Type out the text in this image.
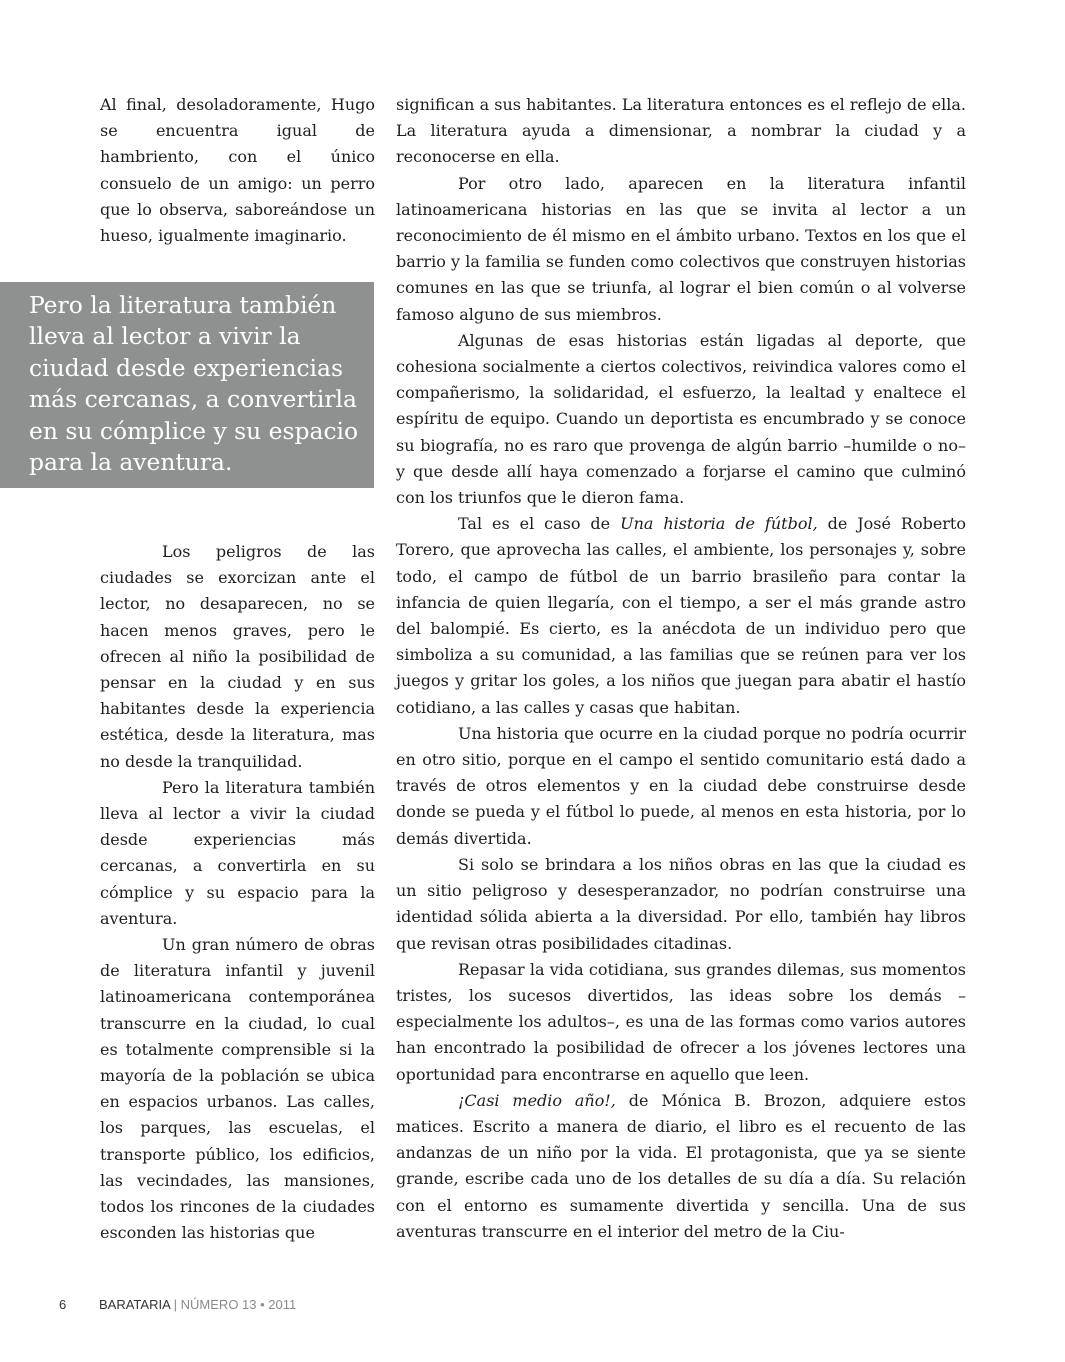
Al final, desoladoramente, Hugo se encuentra igual de hambriento, con el único consuelo de un amigo: un perro que lo observa, saboreándose un hueso, igualmente imaginario.

Pero la literatura también lleva al lector a vivir la ciudad desde experiencias más cercanas, a convertirla en su cómplice y su espacio para la aventura.

Los peligros de las ciudades se exorcizan ante el lector, no desaparecen, no se hacen menos graves, pero le ofrecen al niño la posibilidad de pensar en la ciudad y en sus habitantes desde la experiencia estética, desde la literatura, mas no desde la tranquilidad.

Pero la literatura también lleva al lector a vivir la ciudad desde experiencias más cercanas, a convertirla en su cómplice y su espacio para la aventura.

Un gran número de obras de literatura infantil y juvenil latinoamericana contemporánea transcurre en la ciudad, lo cual es totalmente comprensible si la mayoría de la población se ubica en espacios urbanos. Las calles, los parques, las escuelas, el transporte público, los edificios, las vecindades, las mansiones, todos los rincones de la ciudades esconden las historias que

significan a sus habitantes. La literatura entonces es el reflejo de ella. La literatura ayuda a dimensionar, a nombrar la ciudad y a reconocerse en ella.

Por otro lado, aparecen en la literatura infantil latinoamericana historias en las que se invita al lector a un reconocimiento de él mismo en el ámbito urbano. Textos en los que el barrio y la familia se funden como colectivos que construyen historias comunes en las que se triunfa, al lograr el bien común o al volverse famoso alguno de sus miembros.

Algunas de esas historias están ligadas al deporte, que cohesiona socialmente a ciertos colectivos, reivindica valores como el compañerismo, la solidaridad, el esfuerzo, la lealtad y enaltece el espíritu de equipo. Cuando un deportista es encumbrado y se conoce su biografía, no es raro que provenga de algún barrio –humilde o no– y que desde allí haya comenzado a forjarse el camino que culminó con los triunfos que le dieron fama.

Tal es el caso de Una historia de fútbol, de José Roberto Torero, que aprovecha las calles, el ambiente, los personajes y, sobre todo, el campo de fútbol de un barrio brasileño para contar la infancia de quien llegaría, con el tiempo, a ser el más grande astro del balompié. Es cierto, es la anécdota de un individuo pero que simboliza a su comunidad, a las familias que se reúnen para ver los juegos y gritar los goles, a los niños que juegan para abatir el hastío cotidiano, a las calles y casas que habitan.

Una historia que ocurre en la ciudad porque no podría ocurrir en otro sitio, porque en el campo el sentido comunitario está dado a través de otros elementos y en la ciudad debe construirse desde donde se pueda y el fútbol lo puede, al menos en esta historia, por lo demás divertida.

Si solo se brindara a los niños obras en las que la ciudad es un sitio peligroso y desesperanzador, no podrían construirse una identidad sólida abierta a la diversidad. Por ello, también hay libros que revisan otras posibilidades citadinas.

Repasar la vida cotidiana, sus grandes dilemas, sus momentos tristes, los sucesos divertidos, las ideas sobre los demás –especialmente los adultos–, es una de las formas como varios autores han encontrado la posibilidad de ofrecer a los jóvenes lectores una oportunidad para encontrarse en aquello que leen.

¡Casi medio año!, de Mónica B. Brozon, adquiere estos matices. Escrito a manera de diario, el libro es el recuento de las andanzas de un niño por la vida. El protagonista, que ya se siente grande, escribe cada uno de los detalles de su día a día. Su relación con el entorno es sumamente divertida y sencilla. Una de sus aventuras transcurre en el interior del metro de la Ciu-

6	BARATARIA | NÚMERO 13 • 2011
